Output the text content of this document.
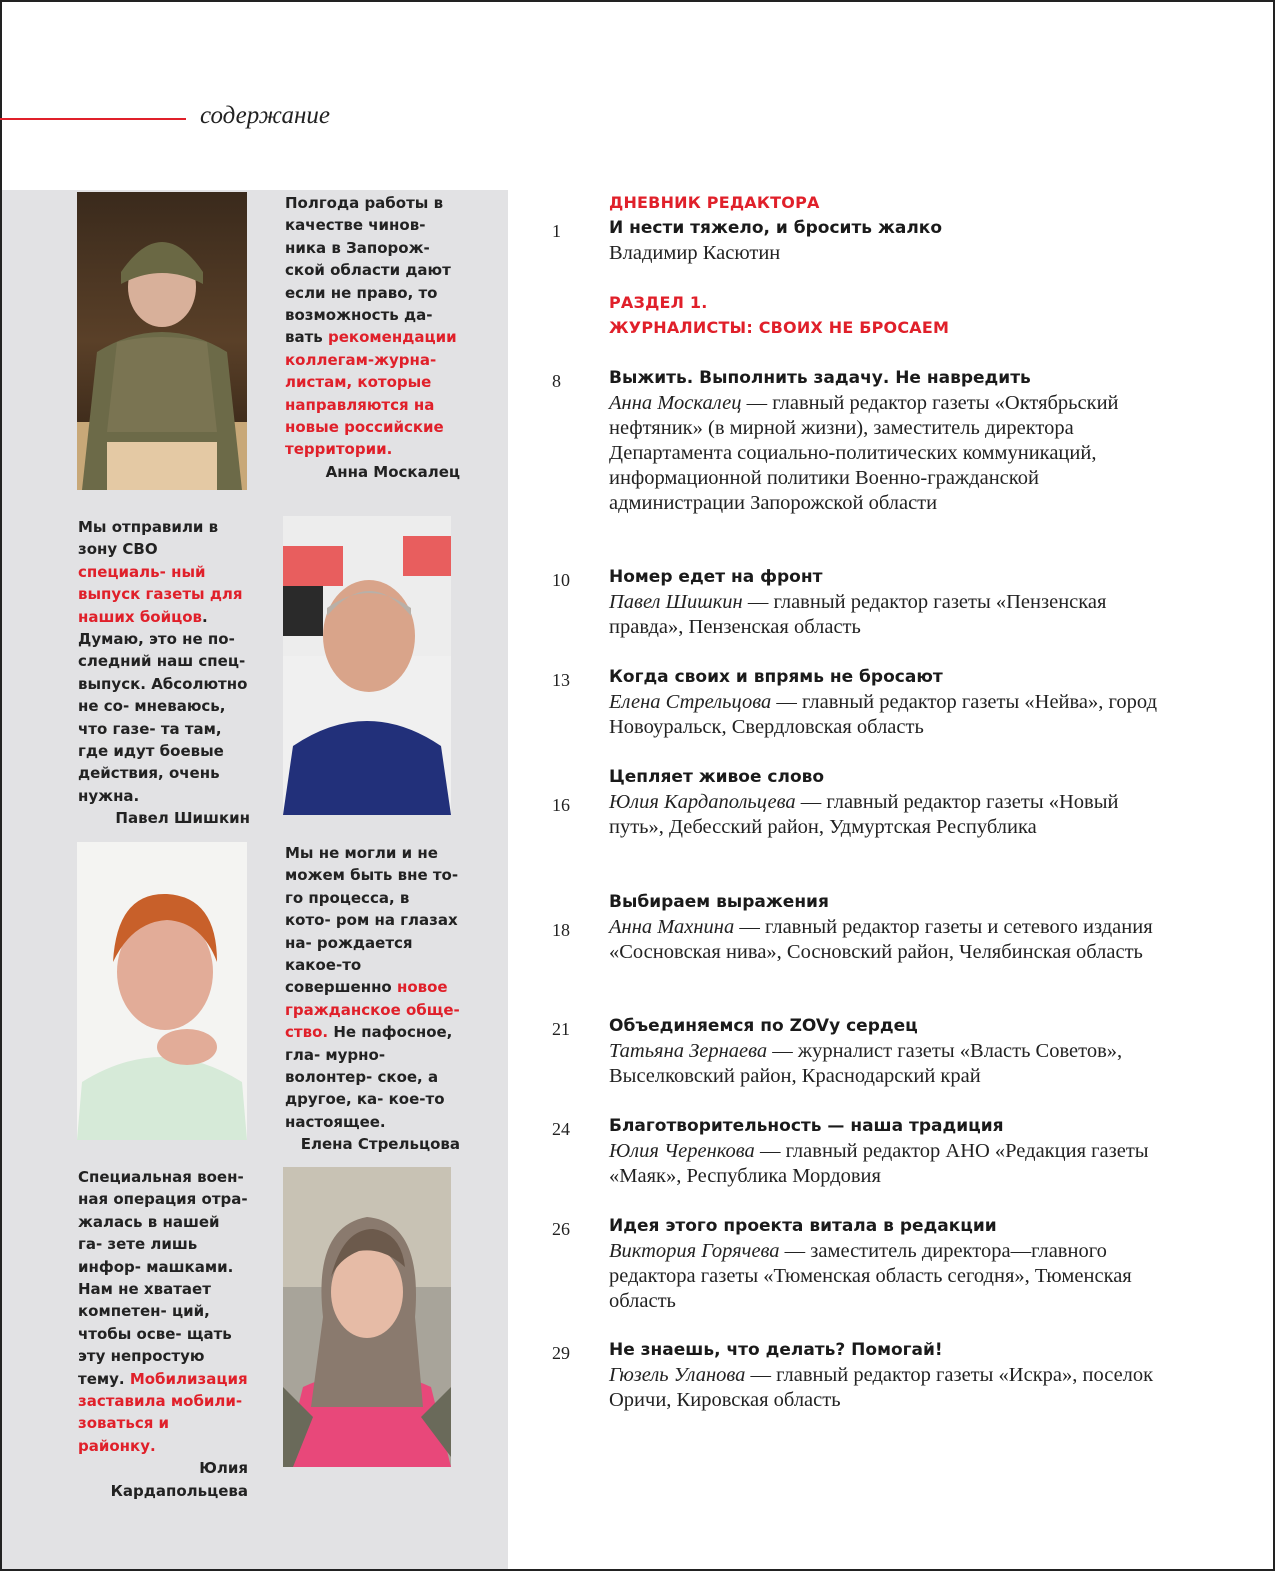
содержание
Полгода работы в качестве чинов- ника в Запорож- ской области дают если не право, то возможность да- вать рекомендации коллегам-журна- листам, которые направляются на новые российские территории.
Анна Москалец
Мы отправили в зону СВО специаль- ный выпуск газеты для наших бойцов. Думаю, это не по- следний наш спец- выпуск. Абсолютно не со- мневаюсь, что газе- та там, где идут боевые действия, очень нужна.
Павел Шишкин
Мы не могли и не можем быть вне то- го процесса, в кото- ром на глазах на- рождается какое-то совершенно новое гражданское обще- ство. Не пафосное, гла- мурно-волонтер- ское, а другое, ка- кое-то настоящее.
Елена Стрельцова
Специальная воен- ная операция отра- жалась в нашей га- зете лишь инфор- машками. Нам не хватает компетен- ций, чтобы осве- щать эту непростую тему. Мобилизация заставила мобили- зоваться и районку.
Юлия Кардапольцева
ДНЕВНИК РЕДАКТОРА
РАЗДЕЛ 1.
ЖУРНАЛИСТЫ: СВОИХ НЕ БРОСАЕМ
1	И нести тяжело, и бросить жалко
Владимир Касютин
8	Выжить. Выполнить задачу. Не навредить
Анна Москалец — главный редактор газеты «Октябрьский нефтяник» (в мирной жизни), заместитель директора Департамента социально-политических коммуникаций, информационной политики Военно-гражданской администрации Запорожской области
10 Номер едет на фронт
Павел Шишкин — главный редактор газеты «Пензенская правда», Пензенская область
13 Когда своих и впрямь не бросают
Елена Стрельцова — главный редактор газеты «Нейва», город Новоуральск, Свердловская область
16
Цепляет живое слово
Юлия Кардапольцева — главный редактор газеты «Новый путь», Дебесский район, Удмуртская Республика
18
Выбираем выражения
Анна Махнина — главный редактор газеты и сетевого издания «Сосновская нива», Сосновский район, Челябинская область
21 Объединяемся по ZOVу сердец
Татьяна Зернаева — журналист газеты «Власть Советов», Выселковский район, Краснодарский край
24 Благотворительность — наша традиция
Юлия Черенкова — главный редактор АНО «Редакция газеты «Маяк», Республика Мордовия
26 Идея этого проекта витала в редакции
Виктория Горячева — заместитель директора—главного редактора газеты «Тюменская область сегодня», Тюменская область
29 Не знаешь, что делать? Помогай!
Гюзель Уланова — главный редактор газеты «Искра», поселок Оричи, Кировская область
